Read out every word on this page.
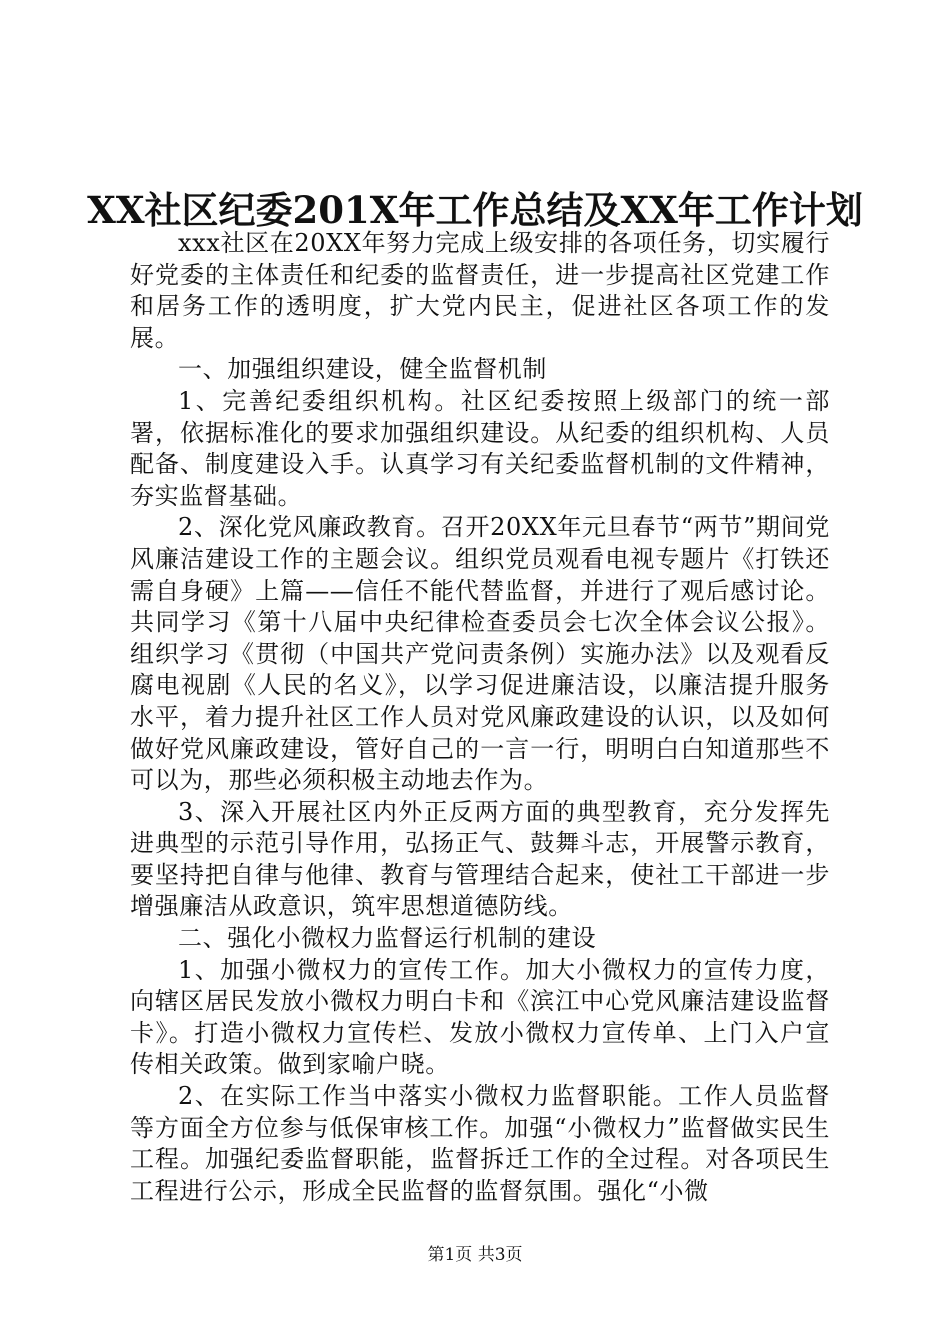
XX社区纪委201X年工作总结及XX年工作计划

xxx社区在20XX年努力完成上级安排的各项任务，切实履行好党委的主体责任和纪委的监督责任，进一步提高社区党建工作和居务工作的透明度，扩大党内民主，促进社区各项工作的发展。

一、加强组织建设，健全监督机制

1、完善纪委组织机构。社区纪委按照上级部门的统一部署，依据标准化的要求加强组织建设。从纪委的组织机构、人员配备、制度建设入手。认真学习有关纪委监督机制的文件精神，夯实监督基础。

2、深化党风廉政教育。召开20XX年元旦春节“两节”期间党风廉洁建设工作的主题会议。组织党员观看电视专题片《打铁还需自身硬》上篇——信任不能代替监督，并进行了观后感讨论。共同学习《第十八届中央纪律检查委员会七次全体会议公报》。组织学习《贯彻（中国共产党问责条例）实施办法》以及观看反腐电视剧《人民的名义》，以学习促进廉洁设，以廉洁提升服务水平，着力提升社区工作人员对党风廉政建设的认识，以及如何做好党风廉政建设，管好自己的一言一行，明明白白知道那些不可以为，那些必须积极主动地去作为。

3、深入开展社区内外正反两方面的典型教育，充分发挥先进典型的示范引导作用，弘扬正气、鼓舞斗志，开展警示教育，要坚持把自律与他律、教育与管理结合起来，使社工干部进一步增强廉洁从政意识，筑牢思想道德防线。

二、强化小微权力监督运行机制的建设

1、加强小微权力的宣传工作。加大小微权力的宣传力度，向辖区居民发放小微权力明白卡和《滨江中心党风廉洁建设监督卡》。打造小微权力宣传栏、发放小微权力宣传单、上门入户宣传相关政策。做到家喻户晓。

2、在实际工作当中落实小微权力监督职能。工作人员监督等方面全方位参与低保审核工作。加强“小微权力”监督做实民生工程。加强纪委监督职能，监督拆迁工作的全过程。对各项民生工程进行公示，形成全民监督的监督氛围。强化“小微

第1页 共3页
